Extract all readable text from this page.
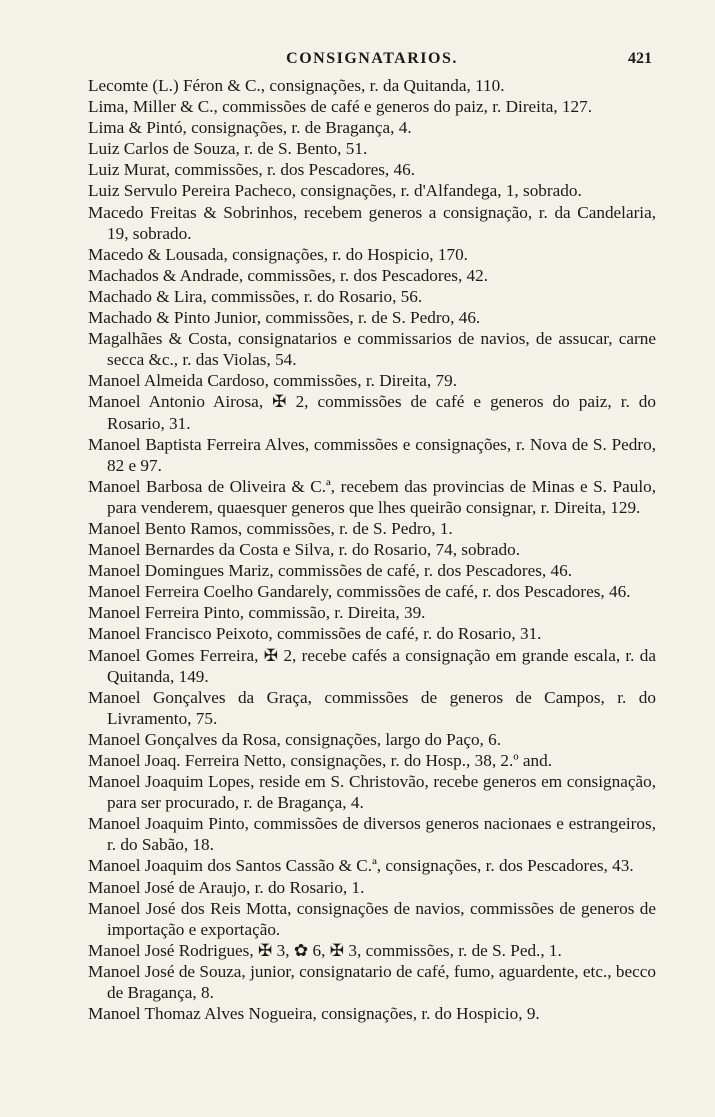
CONSIGNATARIOS.	421
Lecomte (L.) Féron & C., consignações, r. da Quitanda, 110.
Lima, Miller & C., commissões de café e generos do paiz, r. Direita, 127.
Lima & Pintó, consignações, r. de Bragança, 4.
Luiz Carlos de Souza, r. de S. Bento, 51.
Luiz Murat, commissões, r. dos Pescadores, 46.
Luiz Servulo Pereira Pacheco, consignações, r. d'Alfandega, 1, sobrado.
Macedo Freitas & Sobrinhos, recebem generos a consignação, r. da Candelaria, 19, sobrado.
Macedo & Lousada, consignações, r. do Hospicio, 170.
Machados & Andrade, commissões, r. dos Pescadores, 42.
Machado & Lira, commissões, r. do Rosario, 56.
Machado & Pinto Junior, commissões, r. de S. Pedro, 46.
Magalhães & Costa, consignatarios e commissarios de navios, de assucar, carne secca &c., r. das Violas, 54.
Manoel Almeida Cardoso, commissões, r. Direita, 79.
Manoel Antonio Airosa, ✠ 2, commissões de café e generos do paiz, r. do Rosario, 31.
Manoel Baptista Ferreira Alves, commissões e consignações, r. Nova de S. Pedro, 82 e 97.
Manoel Barbosa de Oliveira & C.ª, recebem das provincias de Minas e S. Paulo, para venderem, quaesquer generos que lhes queirão consignar, r. Direita, 129.
Manoel Bento Ramos, commissões, r. de S. Pedro, 1.
Manoel Bernardes da Costa e Silva, r. do Rosario, 74, sobrado.
Manoel Domingues Mariz, commissões de café, r. dos Pescadores, 46.
Manoel Ferreira Coelho Gandarely, commissões de café, r. dos Pescadores, 46.
Manoel Ferreira Pinto, commissão, r. Direita, 39.
Manoel Francisco Peixoto, commissões de café, r. do Rosario, 31.
Manoel Gomes Ferreira, ✠ 2, recebe cafés a consignação em grande escala, r. da Quitanda, 149.
Manoel Gonçalves da Graça, commissões de generos de Campos, r. do Livramento, 75.
Manoel Gonçalves da Rosa, consignações, largo do Paço, 6.
Manoel Joaq. Ferreira Netto, consignações, r. do Hosp., 38, 2.º and.
Manoel Joaquim Lopes, reside em S. Christovão, recebe generos em consignação, para ser procurado, r. de Bragança, 4.
Manoel Joaquim Pinto, commissões de diversos generos nacionaes e estrangeiros, r. do Sabão, 18.
Manoel Joaquim dos Santos Cassão & C.ª, consignações, r. dos Pescadores, 43.
Manoel José de Araujo, r. do Rosario, 1.
Manoel José dos Reis Motta, consignações de navios, commissões de generos de importação e exportação.
Manoel José Rodrigues, ✠ 3, ✿ 6, ✠ 3, commissões, r. de S. Ped., 1.
Manoel José de Souza, junior, consignatario de café, fumo, aguardente, etc., becco de Bragança, 8.
Manoel Thomaz Alves Nogueira, consignações, r. do Hospicio, 9.
